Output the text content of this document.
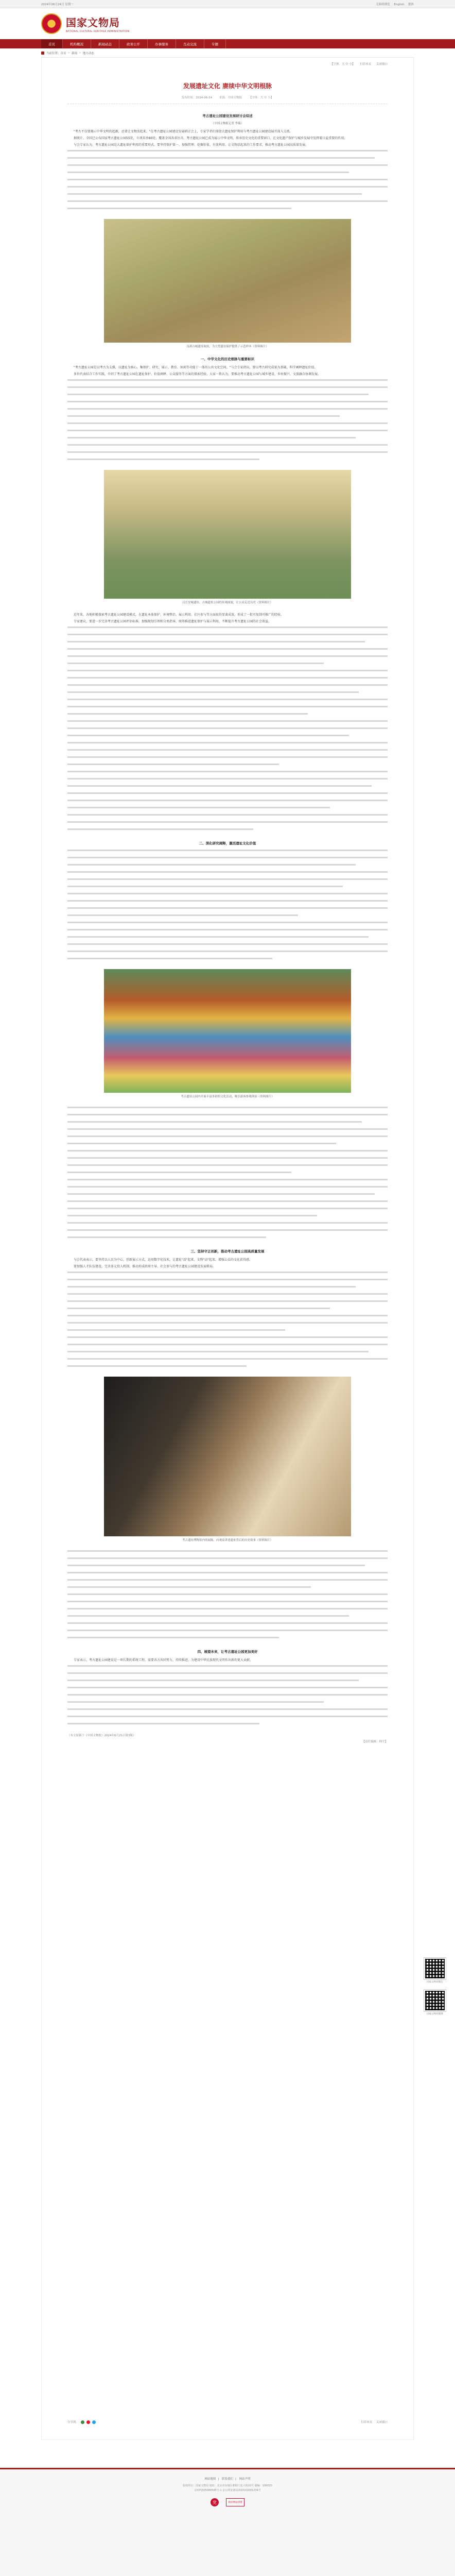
2024年06月24日 星期一	无障碍浏览 English 繁体
★	国家文物局
NATIONAL CULTURAL HERITAGE ADMINISTRATION
首页	机构概况	新闻动态	政务公开	办事服务	互动交流	专题
当前位置：首页 > 新闻 > 地方动态
【字体：大 中 小】 打印本页 关闭窗口
发展遗址文化 赓续中华文明根脉
发布时间：2024-06-24	来源：中国文物报	【字体：大 中 小】
考古遗址公园建设发展研讨会综述
（中国文物报记者 李瑞）

"考古不仅要揭示中华文明的起源，还要让文物活起来。"在考古遗址公园建设发展研讨会上，专家学者们围绕大遗址保护利用与考古遗址公园建设展开深入交流。

据统计，全国已公布国家考古遗址公园55处，立项名单80处，覆盖全国各省区市。考古遗址公园已成为展示中华文明、传承历史文化的重要窗口，在文化遗产保护与城乡发展中发挥着日益重要的作用。

与会专家认为，考古遗址公园是大遗址保护利用的重要形式，要坚持保护第一、加强管理、挖掘价值、有效利用、让文物活起来的工作要求，推动考古遗址公园高质量发展。

良渚古城遗址航拍，为大型遗址保护提供了示范样本（资料图片）
一、中华文化的历史根脉与重要标识

"考古遗址公园是以考古为支撑，以遗址为核心，集保护、研究、展示、教育、休闲等功能于一体的公共文化空间。"与会专家指出，要以考古研究成果为基础，科学阐释遗址价值。

多位代表结合工作实践，介绍了考古遗址公园在遗址保护、价值阐释、公众服务等方面的探索经验。大家一致认为，要推动考古遗址公园与城乡建设、乡村振兴、文旅融合协调发展。

汉长安城遗址，古城遗址公园的景观面貌，让公众走近历史（资料图片）

近年来，各地积极探索考古遗址公园建设模式，在遗址本体保护、环境整治、展示利用、社区参与等方面取得显著成效，形成了一批可复制可推广的经验。

专家建议，要进一步完善考古遗址公园评估标准，加强规划引领和分类指导，统筹推进遗址保护与展示利用，不断提升考古遗址公园的社会效益。

二、深化研究阐释，激活遗址文化价值
考古遗址公园内开展丰富多彩的文化活动，吸引游客参观体验（资料图片）
三、坚持守正创新，推动考古遗址公园高质量发展

与会代表表示，要坚持以人民为中心，创新展示方式，运用数字化技术，让遗址"活"起来、文物"动"起来，增强公众的文化获得感。

要加强人才队伍建设，完善多元投入机制，推动形成政府主导、社会参与的考古遗址公园建设发展格局。

考古遗址博物馆内的展陈，向观众讲述遗址背后的历史故事（资料图片）
四、展望未来，让考古遗址公园更加美好

专家表示，考古遗址公园建设是一项长期的系统工程，需要各方共同努力，持续推进，为建设中华民族现代文明作出新的更大贡献。

（本文原载于《中国文物报》2024年6月21日第3版）
【责任编辑：韩宇】
分享到：	打印本页 关闭窗口
国家文物局微信
国家文物局微博
网站地图 | 联系我们 | 网站声明
版权所有：国家文物局 地址：北京市东城区朝阳门北大街10号 邮编：100020
京ICP备05080545号-1 京公网安备11010102001234号
党	政府网站找错
